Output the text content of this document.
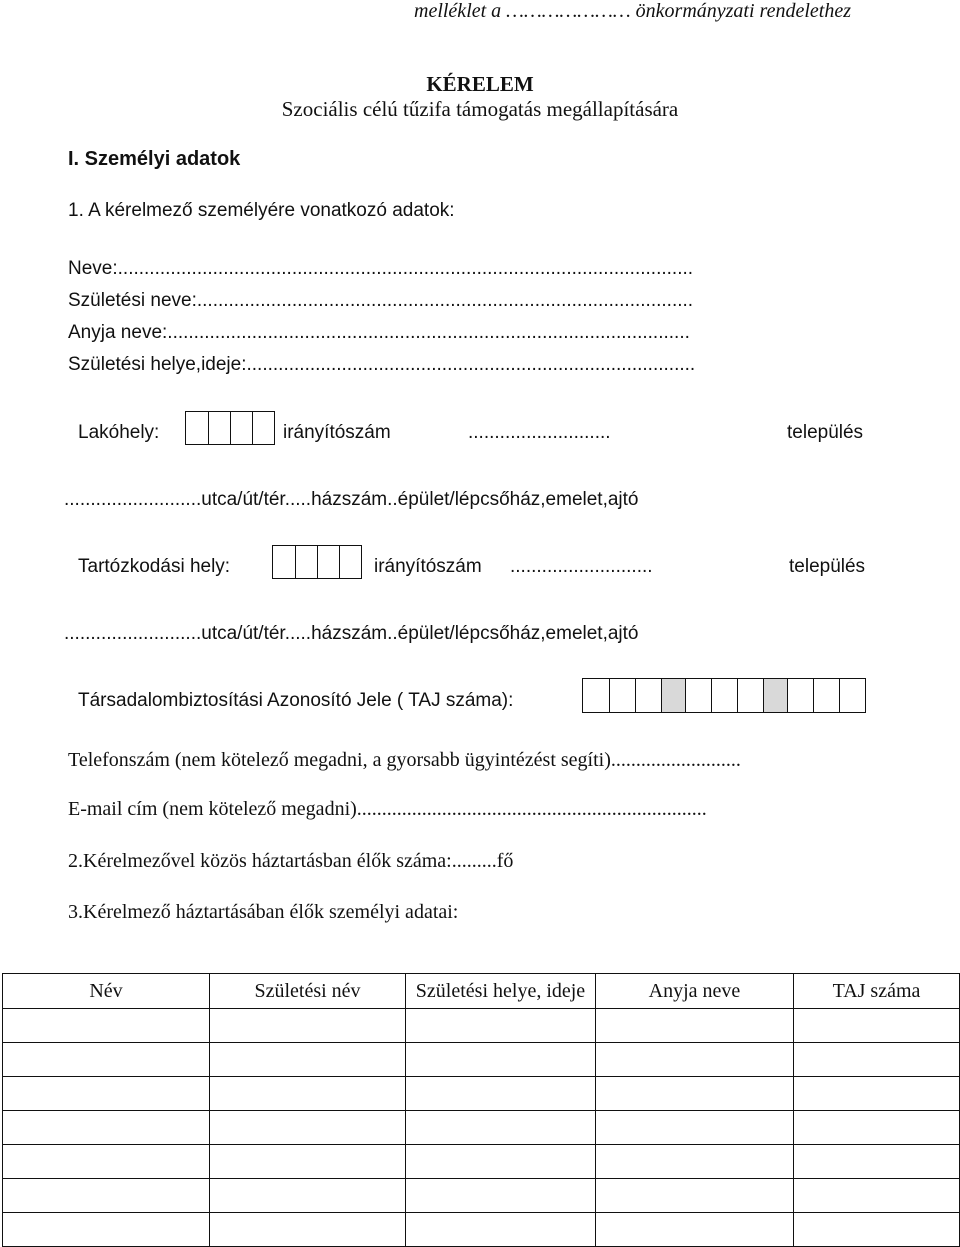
melléklet a ………………… önkormányzati rendelethez
KÉRELEM
Szociális célú tűzifa támogatás megállapítására
I. Személyi adatok
1. A kérelmező személyére vonatkozó adatok:
Neve:.............................................................................................................
Születési neve:..............................................................................................
Anyja neve:...................................................................................................
Születési helye,ideje:.....................................................................................
Lakóhely:	irányítószám	...........................	település
..........................utca/út/tér.....házszám..épület/lépcsőház,emelet,ajtó
Tartózkodási hely:	irányítószám ...........................	település
..........................utca/út/tér.....házszám..épület/lépcsőház,emelet,ajtó
Társadalombiztosítási Azonosító Jele ( TAJ száma):
Telefonszám (nem kötelező megadni, a gyorsabb ügyintézést segíti)..........................
E-mail cím (nem kötelező megadni)......................................................................
2.Kérelmezővel közös háztartásban élők száma:.........fő
3.Kérelmező háztartásában élők személyi adatai:
Név	Születési név	Születési helye, ideje	Anyja neve	TAJ száma
